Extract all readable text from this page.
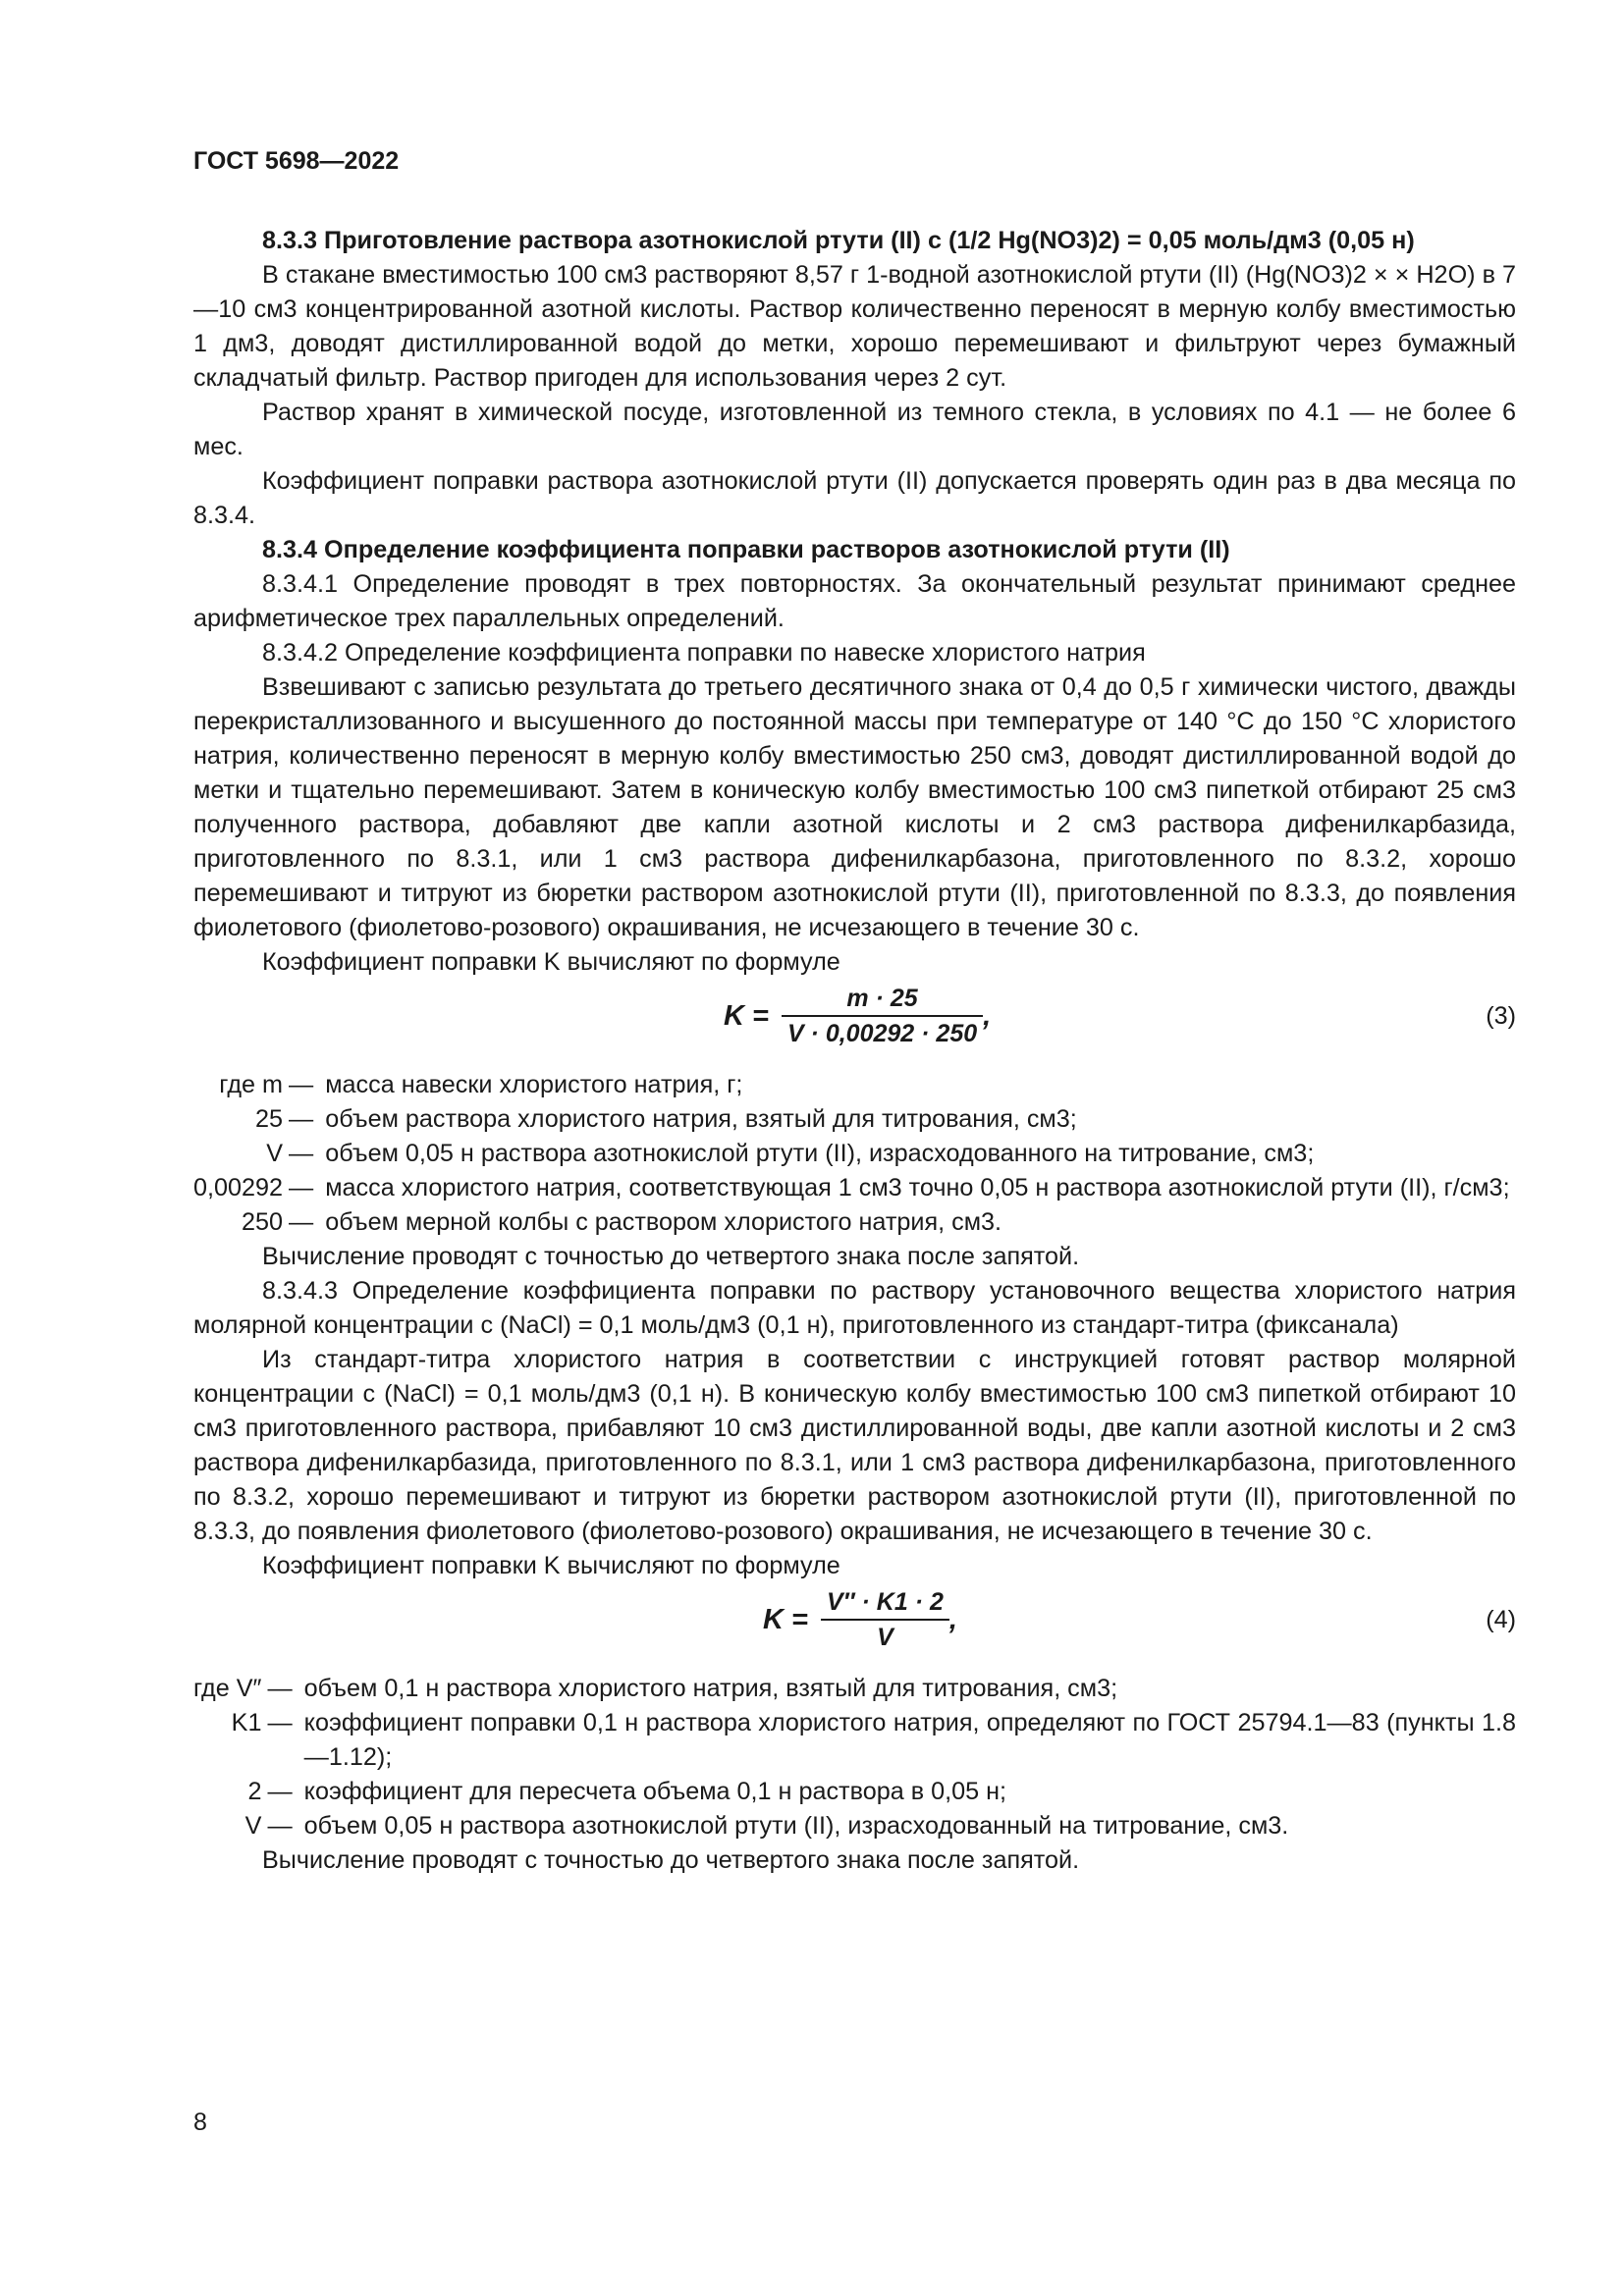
ГОСТ 5698—2022

8.3.3 Приготовление раствора азотнокислой ртути (II) c (1/2 Hg(NO3)2) = 0,05 моль/дм3 (0,05 н)

В стакане вместимостью 100 см3 растворяют 8,57 г 1-водной азотнокислой ртути (II) (Hg(NO3)2 × × H2O) в 7—10 см3 концентрированной азотной кислоты. Раствор количественно переносят в мерную колбу вместимостью 1 дм3, доводят дистиллированной водой до метки, хорошо перемешивают и фильтруют через бумажный складчатый фильтр. Раствор пригоден для использования через 2 сут.

Раствор хранят в химической посуде, изготовленной из темного стекла, в условиях по 4.1 — не более 6 мес.

Коэффициент поправки раствора азотнокислой ртути (II) допускается проверять один раз в два месяца по 8.3.4.

8.3.4 Определение коэффициента поправки растворов азотнокислой ртути (II)

8.3.4.1 Определение проводят в трех повторностях. За окончательный результат принимают среднее арифметическое трех параллельных определений.

8.3.4.2 Определение коэффициента поправки по навеске хлористого натрия

Взвешивают с записью результата до третьего десятичного знака от 0,4 до 0,5 г химически чистого, дважды перекристаллизованного и высушенного до постоянной массы при температуре от 140 °С до 150 °С хлористого натрия, количественно переносят в мерную колбу вместимостью 250 см3, доводят дистиллированной водой до метки и тщательно перемешивают. Затем в коническую колбу вместимостью 100 см3 пипеткой отбирают 25 см3 полученного раствора, добавляют две капли азотной кислоты и 2 см3 раствора дифенилкарбазида, приготовленного по 8.3.1, или 1 см3 раствора дифенилкарбазона, приготовленного по 8.3.2, хорошо перемешивают и титруют из бюретки раствором азотнокислой ртути (II), приготовленной по 8.3.3, до появления фиолетового (фиолетово-розового) окрашивания, не исчезающего в течение 30 с.

Коэффициент поправки K вычисляют по формуле

$K = \frac{m \cdot 25}{V \cdot 0,00292 \cdot 250}$ ,	(3)
где m	—	масса навески хлористого натрия, г;
25	—	объем раствора хлористого натрия, взятый для титрования, см3;
V	—	объем 0,05 н раствора азотнокислой ртути (II), израсходованного на титрование, см3;
0,00292	—	масса хлористого натрия, соответствующая 1 см3 точно 0,05 н раствора азотнокислой ртути (II), г/см3;
250	—	объем мерной колбы с раствором хлористого натрия, см3.

Вычисление проводят с точностью до четвертого знака после запятой.

8.3.4.3 Определение коэффициента поправки по раствору установочного вещества хлористого натрия молярной концентрации c (NaCl) = 0,1 моль/дм3 (0,1 н), приготовленного из стандарт-титра (фиксанала)

Из стандарт-титра хлористого натрия в соответствии с инструкцией готовят раствор молярной концентрации c (NaCl) = 0,1 моль/дм3 (0,1 н). В коническую колбу вместимостью 100 см3 пипеткой отбирают 10 см3 приготовленного раствора, прибавляют 10 см3 дистиллированной воды, две капли азотной кислоты и 2 см3 раствора дифенилкарбазида, приготовленного по 8.3.1, или 1 см3 раствора дифенилкарбазона, приготовленного по 8.3.2, хорошо перемешивают и титруют из бюретки раствором азотнокислой ртути (II), приготовленной по 8.3.3, до появления фиолетового (фиолетово-розового) окрашивания, не исчезающего в течение 30 с.

Коэффициент поправки K вычисляют по формуле

$K = \frac{V'' \cdot K1 \cdot 2}{V}$ ,	(4)
где V″	—	объем 0,1 н раствора хлористого натрия, взятый для титрования, см3;
K1	—	коэффициент поправки 0,1 н раствора хлористого натрия, определяют по ГОСТ 25794.1—83 (пункты 1.8—1.12);
2	—	коэффициент для пересчета объема 0,1 н раствора в 0,05 н;
V	—	объем 0,05 н раствора азотнокислой ртути (II), израсходованный на титрование, см3.

Вычисление проводят с точностью до четвертого знака после запятой.

8
